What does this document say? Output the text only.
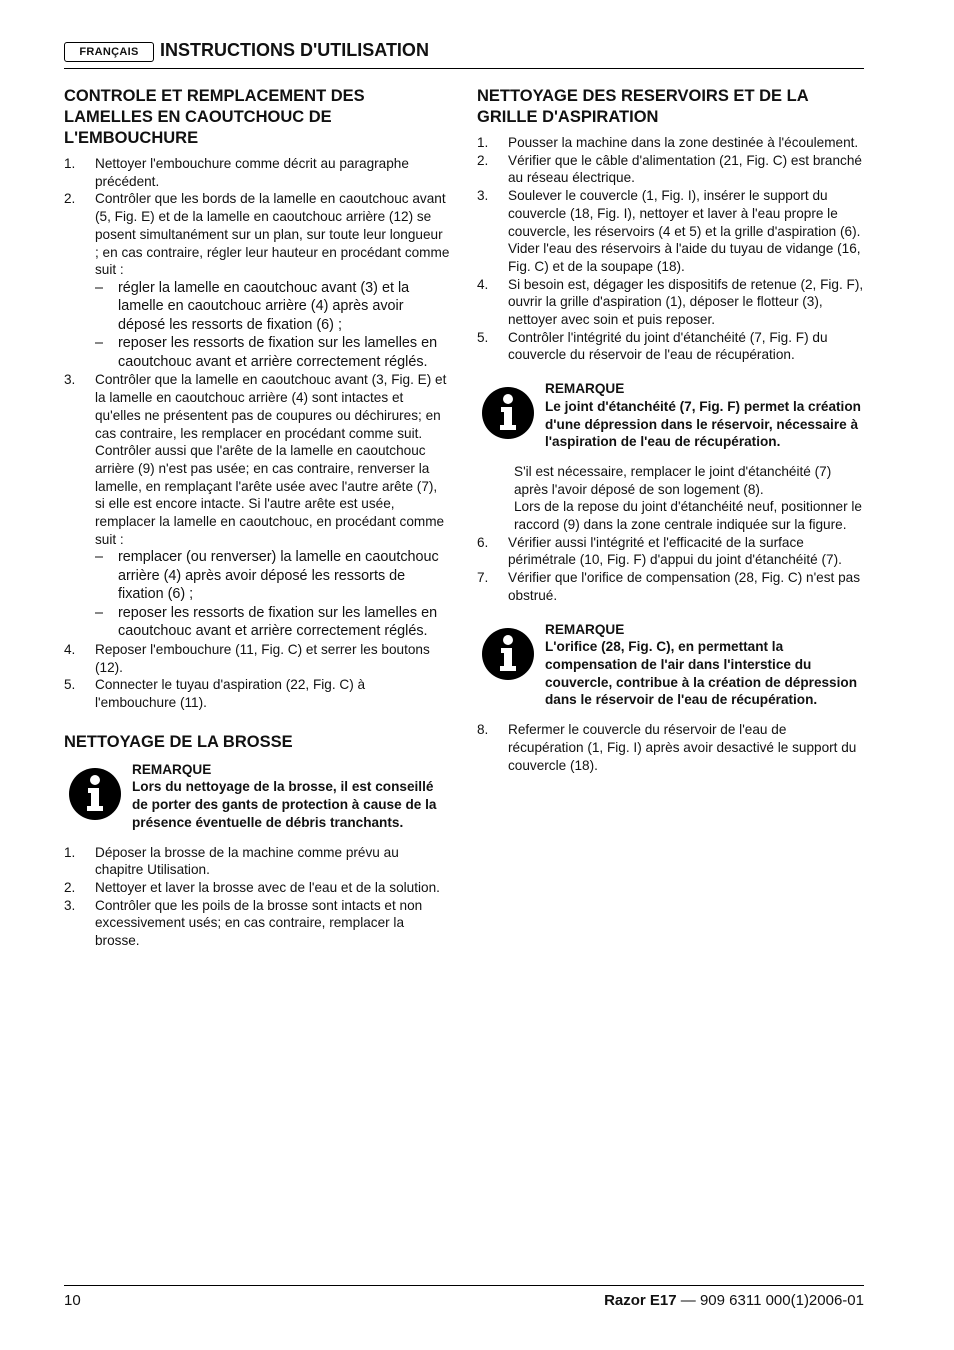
FRANÇAIS	INSTRUCTIONS D'UTILISATION
CONTROLE ET REMPLACEMENT DES LAMELLES EN CAOUTCHOUC DE L'EMBOUCHURE
1. Nettoyer l'embouchure comme décrit au paragraphe précédent.
2. Contrôler que les bords de la lamelle en caoutchouc avant (5, Fig. E) et de la lamelle en caoutchouc arrière (12) se posent simultanément sur un plan, sur toute leur longueur ; en cas contraire, régler leur hauteur en procédant comme suit :
– régler la lamelle en caoutchouc avant (3) et la lamelle en caoutchouc arrière (4) après avoir déposé les ressorts de fixation (6) ;
– reposer les ressorts de fixation sur les lamelles en caoutchouc avant et arrière correctement réglés.
3. Contrôler que la lamelle en caoutchouc avant (3, Fig. E) et la lamelle en caoutchouc arrière (4) sont intactes et qu'elles ne présentent pas de coupures ou déchirures; en cas contraire, les remplacer en procédant comme suit. Contrôler aussi que l'arête de la lamelle en caoutchouc arrière (9) n'est pas usée; en cas contraire, renverser la lamelle, en remplaçant l'arête usée avec l'autre arête (7), si elle est encore intacte. Si l'autre arête est usée, remplacer la lamelle en caoutchouc, en procédant comme suit :
– remplacer (ou renverser) la lamelle en caoutchouc arrière (4) après avoir déposé les ressorts de fixation (6) ;
– reposer les ressorts de fixation sur les lamelles en caoutchouc avant et arrière correctement réglés.
4. Reposer l'embouchure (11, Fig. C) et serrer les boutons (12).
5. Connecter le tuyau d'aspiration (22, Fig. C) à l'embouchure (11).
NETTOYAGE DE LA BROSSE
REMARQUE
Lors du nettoyage de la brosse, il est conseillé de porter des gants de protection à cause de la présence éventuelle de débris tranchants.
1. Déposer la brosse de la machine comme prévu au chapitre Utilisation.
2. Nettoyer et laver la brosse avec de l'eau et de la solution.
3. Contrôler que les poils de la brosse sont intacts et non excessivement usés; en cas contraire, remplacer la brosse.
NETTOYAGE DES RESERVOIRS ET DE LA GRILLE D'ASPIRATION
1. Pousser la machine dans la zone destinée à l'écoulement.
2. Vérifier que le câble d'alimentation (21, Fig. C) est branché au réseau électrique.
3. Soulever le couvercle (1, Fig. I), insérer le support du couvercle (18, Fig. I), nettoyer et laver à l'eau propre le couvercle, les réservoirs (4 et 5) et la grille d'aspiration (6).
Vider l'eau des réservoirs à l'aide du tuyau de vidange (16, Fig. C) et de la soupape (18).
4. Si besoin est, dégager les dispositifs de retenue (2, Fig. F), ouvrir la grille d'aspiration (1), déposer le flotteur (3), nettoyer avec soin et puis reposer.
5. Contrôler l'intégrité du joint d'étanchéité (7, Fig. F) du couvercle du réservoir de l'eau de récupération.
REMARQUE
Le joint d'étanchéité (7, Fig. F) permet la création d'une dépression dans le réservoir, nécessaire à l'aspiration de l'eau de récupération.
S'il est nécessaire, remplacer le joint d'étanchéité (7) après l'avoir déposé de son logement (8).
Lors de la repose du joint d'étanchéité neuf, positionner le raccord (9) dans la zone centrale indiquée sur la figure.
6. Vérifier aussi l'intégrité et l'efficacité de la surface périmétrale (10, Fig. F) d'appui du joint d'étanchéité (7).
7. Vérifier que l'orifice de compensation (28, Fig. C) n'est pas obstrué.
REMARQUE
L'orifice (28, Fig. C), en permettant la compensation de l'air dans l'interstice du couvercle, contribue à la création de dépression dans le réservoir de l'eau de récupération.
8. Refermer le couvercle du réservoir de l'eau de récupération (1, Fig. I) après avoir desactivé le support du couvercle (18).
10	Razor E17 — 909 6311 000(1)2006-01
